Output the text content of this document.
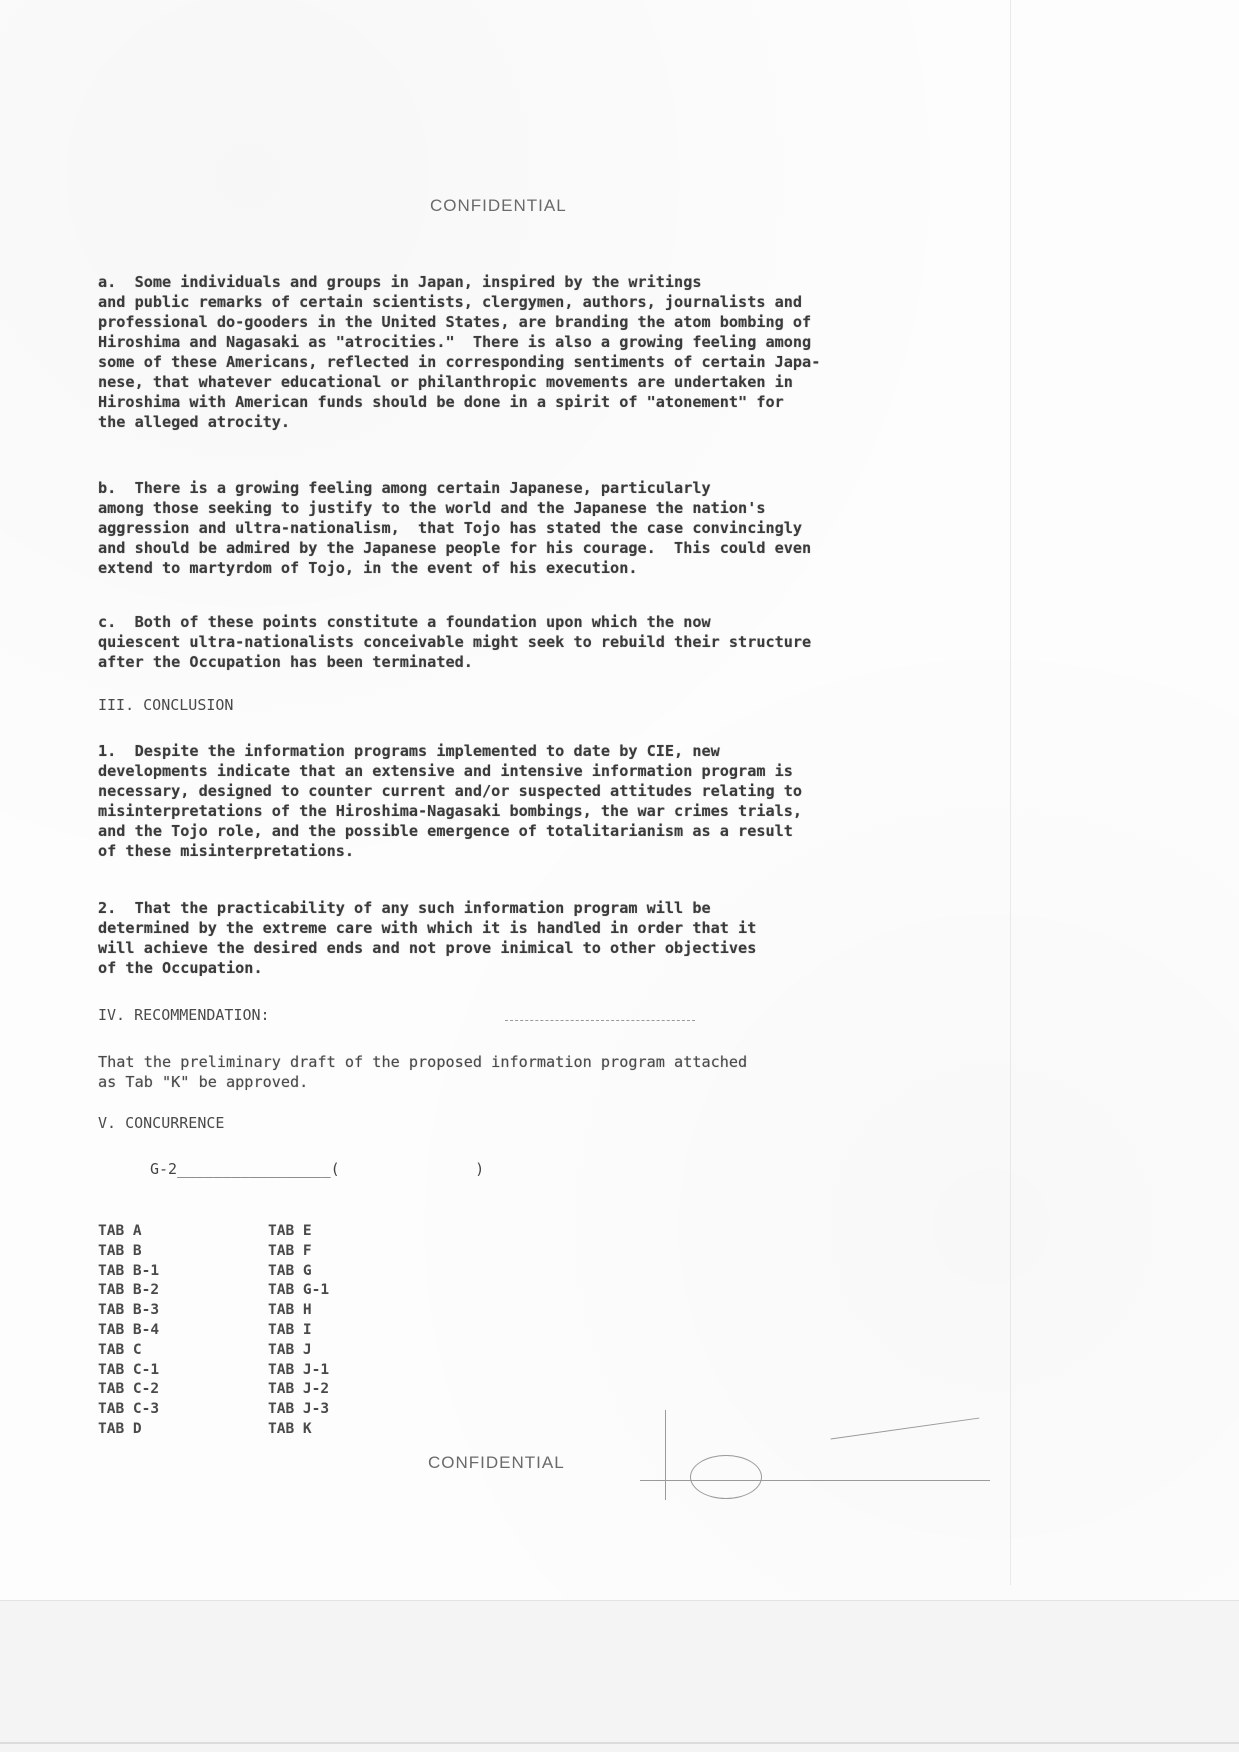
CONFIDENTIAL

a.  Some individuals and groups in Japan, inspired by the writings
and public remarks of certain scientists, clergymen, authors, journalists and
professional do-gooders in the United States, are branding the atom bombing of
Hiroshima and Nagasaki as "atrocities."  There is also a growing feeling among
some of these Americans, reflected in corresponding sentiments of certain Japa-
nese, that whatever educational or philanthropic movements are undertaken in
Hiroshima with American funds should be done in a spirit of "atonement" for
the alleged atrocity.

b.  There is a growing feeling among certain Japanese, particularly
among those seeking to justify to the world and the Japanese the nation's
aggression and ultra-nationalism,  that Tojo has stated the case convincingly
and should be admired by the Japanese people for his courage.  This could even
extend to martyrdom of Tojo, in the event of his execution.

c.  Both of these points constitute a foundation upon which the now
quiescent ultra-nationalists conceivable might seek to rebuild their structure
after the Occupation has been terminated.

III. CONCLUSION

1.  Despite the information programs implemented to date by CIE, new
developments indicate that an extensive and intensive information program is
necessary, designed to counter current and/or suspected attitudes relating to
misinterpretations of the Hiroshima-Nagasaki bombings, the war crimes trials,
and the Tojo role, and the possible emergence of totalitarianism as a result
of these misinterpretations.

2.  That the practicability of any such information program will be
determined by the extreme care with which it is handled in order that it
will achieve the desired ends and not prove inimical to other objectives
of the Occupation.

IV. RECOMMENDATION:

That the preliminary draft of the proposed information program attached
as Tab "K" be approved.

V. CONCURRENCE
G-2_________________(               )
TAB A
TAB B
TAB B-1
TAB B-2
TAB B-3
TAB B-4
TAB C
TAB C-1
TAB C-2
TAB C-3
TAB D
TAB E
TAB F
TAB G
TAB G-1
TAB H
TAB I
TAB J
TAB J-1
TAB J-2
TAB J-3
TAB K
CONFIDENTIAL
